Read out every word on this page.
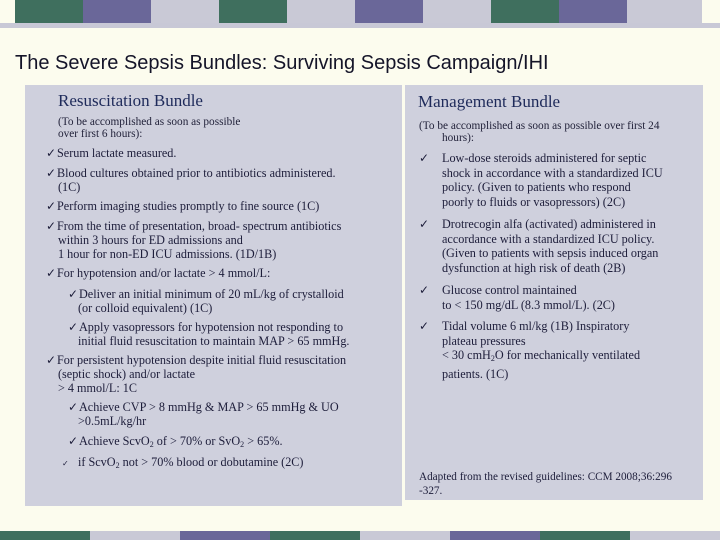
The Severe Sepsis Bundles: Surviving Sepsis Campaign/IHI
Resuscitation Bundle
(To be accomplished as soon as possible
over first 6 hours):
✓Serum lactate measured.
✓Blood cultures obtained prior to antibiotics administered.
(1C)
✓Perform imaging studies promptly to fine source (1C)
✓From the time of presentation, broad- spectrum antibiotics
within 3 hours for ED admissions and
1 hour for non-ED ICU admissions. (1D/1B)
✓For hypotension and/or lactate > 4 mmol/L:
✓Deliver an initial minimum of 20 mL/kg of crystalloid
(or colloid equivalent) (1C)
✓Apply vasopressors for hypotension not responding to
initial fluid resuscitation to maintain MAP > 65 mmHg.
✓For persistent hypotension despite initial fluid resuscitation
(septic shock) and/or lactate
> 4 mmol/L: 1C
✓Achieve CVP > 8 mmHg & MAP > 65 mmHg & UO
>0.5mL/kg/hr
✓Achieve ScvO$_2$ of > 70% or SvO$_2$ > 65%.
✓ if ScvO$_2$ not > 70% blood or dobutamine (2C)
Management Bundle
(To be accomplished as soon as possible over first 24
hours):
✓ Low-dose steroids administered for septic
shock in accordance with a standardized ICU
policy. (Given to patients who respond
poorly to fluids or vasopressors) (2C)
✓ Drotrecogin alfa (activated) administered in
accordance with a standardized ICU policy.
(Given to patients with sepsis induced organ
dysfunction at high risk of death (2B)
✓ Glucose control maintained
to < 150 mg/dL (8.3 mmol/L). (2C)
✓ Tidal volume 6 ml/kg (1B) Inspiratory
plateau pressures
< 30 cmH$_2$O for mechanically ventilated
patients. (1C)
Adapted from the revised guidelines: CCM 2008;36:296
-327.
